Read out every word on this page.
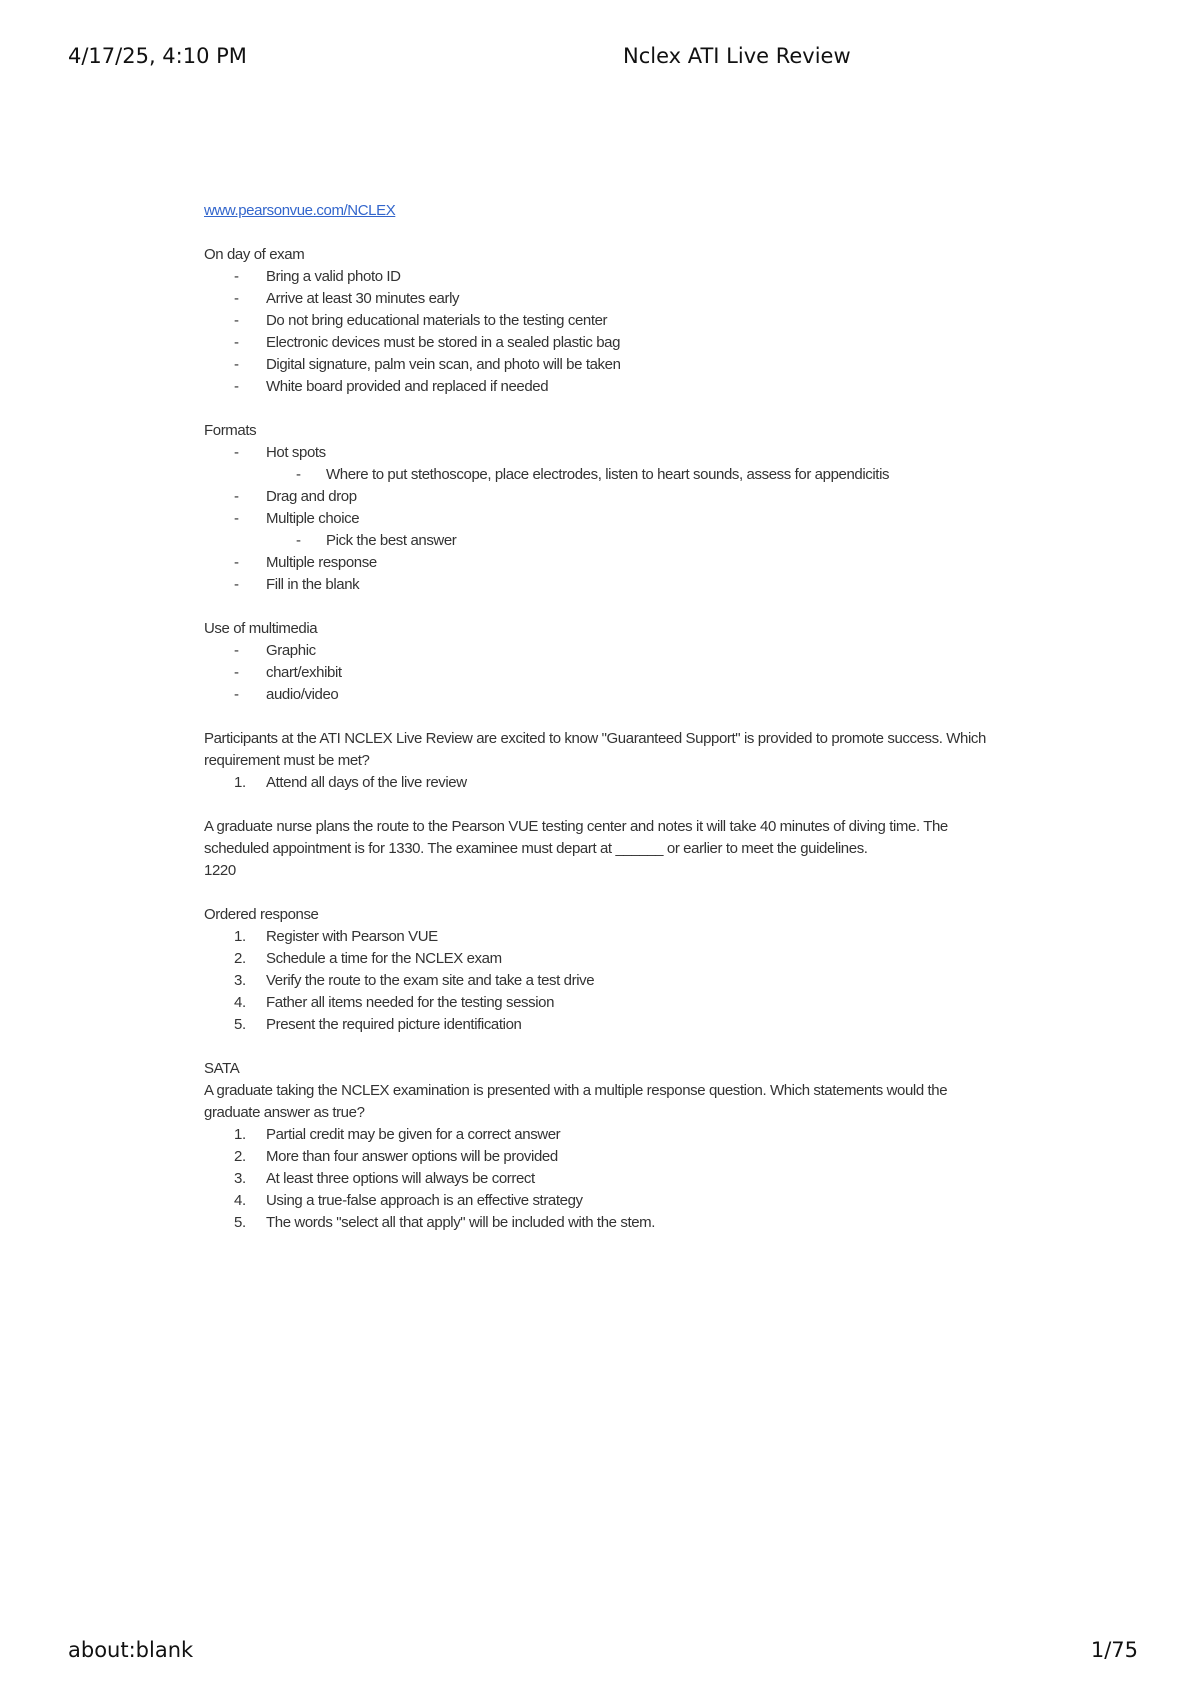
4/17/25, 4:10 PM	Nclex ATI Live Review
www.pearsonvue.com/NCLEX

On day of exam

- Bring a valid photo ID
- Arrive at least 30 minutes early
- Do not bring educational materials to the testing center
- Electronic devices must be stored in a sealed plastic bag
- Digital signature, palm vein scan, and photo will be taken
- White board provided and replaced if needed

Formats

- Hot spots
- Where to put stethoscope, place electrodes, listen to heart sounds, assess for appendicitis
- Drag and drop
- Multiple choice
- Pick the best answer
- Multiple response
- Fill in the blank

Use of multimedia

- Graphic
- chart/exhibit
- audio/video

Participants at the ATI NCLEX Live Review are excited to know "Guaranteed Support" is provided to promote success. Which requirement must be met?

1. Attend all days of the live review

A graduate nurse plans the route to the Pearson VUE testing center and notes it will take 40 minutes of diving time. The scheduled appointment is for 1330. The examinee must depart at ______ or earlier to meet the guidelines.

1220

Ordered response

1. Register with Pearson VUE
2. Schedule a time for the NCLEX exam
3. Verify the route to the exam site and take a test drive
4. Father all items needed for the testing session
5. Present the required picture identification

SATA

A graduate taking the NCLEX examination is presented with a multiple response question. Which statements would the graduate answer as true?

1. Partial credit may be given for a correct answer
2. More than four answer options will be provided
3. At least three options will always be correct
4. Using a true-false approach is an effective strategy
5. The words "select all that apply" will be included with the stem.
about:blank	1/75
